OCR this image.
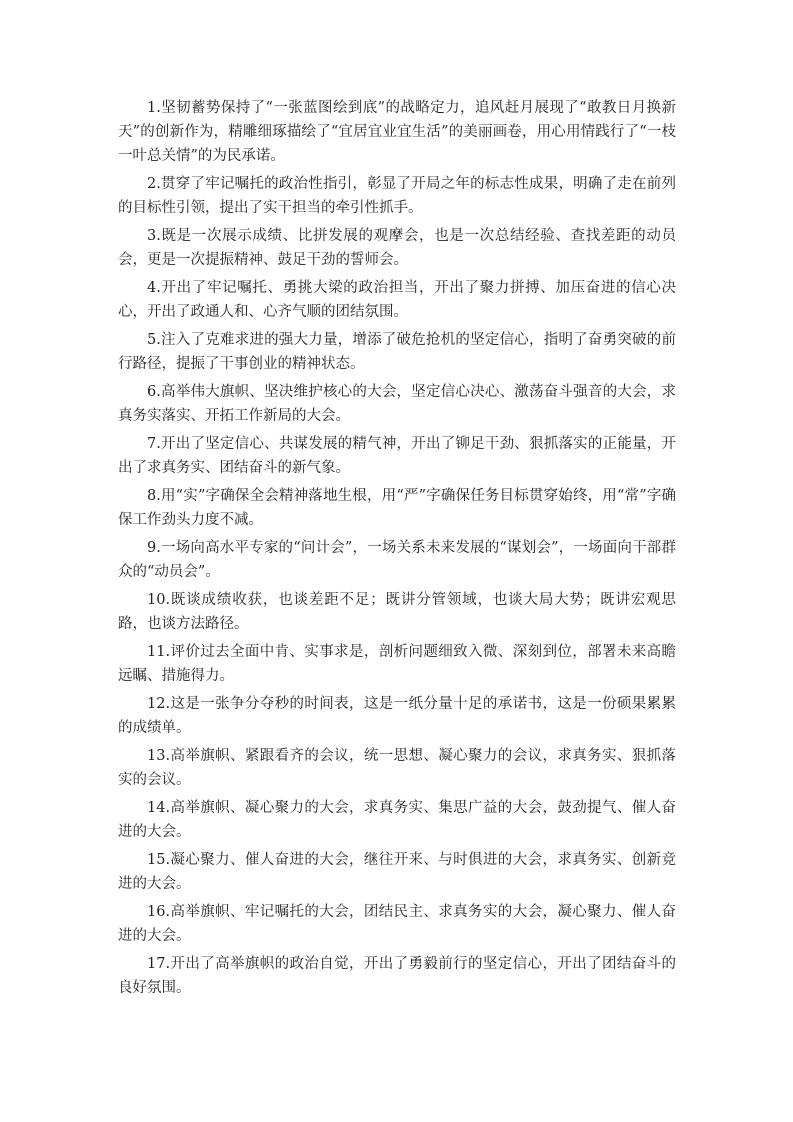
1.坚韧蓄势保持了“一张蓝图绘到底”的战略定力，追风赶月展现了“敢教日月换新天”的创新作为，精雕细琢描绘了“宜居宜业宜生活”的美丽画卷，用心用情践行了“一枝一叶总关情”的为民承诺。

2.贯穿了牢记嘱托的政治性指引，彰显了开局之年的标志性成果，明确了走在前列的目标性引领，提出了实干担当的牵引性抓手。

3.既是一次展示成绩、比拼发展的观摩会，也是一次总结经验、查找差距的动员会，更是一次提振精神、鼓足干劲的誓师会。

4.开出了牢记嘱托、勇挑大梁的政治担当，开出了聚力拼搏、加压奋进的信心决心，开出了政通人和、心齐气顺的团结氛围。

5.注入了克难求进的强大力量，增添了破危抢机的坚定信心，指明了奋勇突破的前行路径，提振了干事创业的精神状态。

6.高举伟大旗帜、坚决维护核心的大会，坚定信心决心、激荡奋斗强音的大会，求真务实落实、开拓工作新局的大会。

7.开出了坚定信心、共谋发展的精气神，开出了铆足干劲、狠抓落实的正能量，开出了求真务实、团结奋斗的新气象。

8.用“实”字确保全会精神落地生根，用“严”字确保任务目标贯穿始终，用“常”字确保工作劲头力度不减。

9.一场向高水平专家的“问计会”，一场关系未来发展的“谋划会”，一场面向干部群众的“动员会”。

10.既谈成绩收获，也谈差距不足；既讲分管领域，也谈大局大势；既讲宏观思路，也谈方法路径。

11.评价过去全面中肯、实事求是，剖析问题细致入微、深刻到位，部署未来高瞻远瞩、措施得力。

12.这是一张争分夺秒的时间表，这是一纸分量十足的承诺书，这是一份硕果累累的成绩单。

13.高举旗帜、紧跟看齐的会议，统一思想、凝心聚力的会议，求真务实、狠抓落实的会议。

14.高举旗帜、凝心聚力的大会，求真务实、集思广益的大会，鼓劲提气、催人奋进的大会。

15.凝心聚力、催人奋进的大会，继往开来、与时俱进的大会，求真务实、创新竞进的大会。

16.高举旗帜、牢记嘱托的大会，团结民主、求真务实的大会，凝心聚力、催人奋进的大会。

17.开出了高举旗帜的政治自觉，开出了勇毅前行的坚定信心，开出了团结奋斗的良好氛围。
